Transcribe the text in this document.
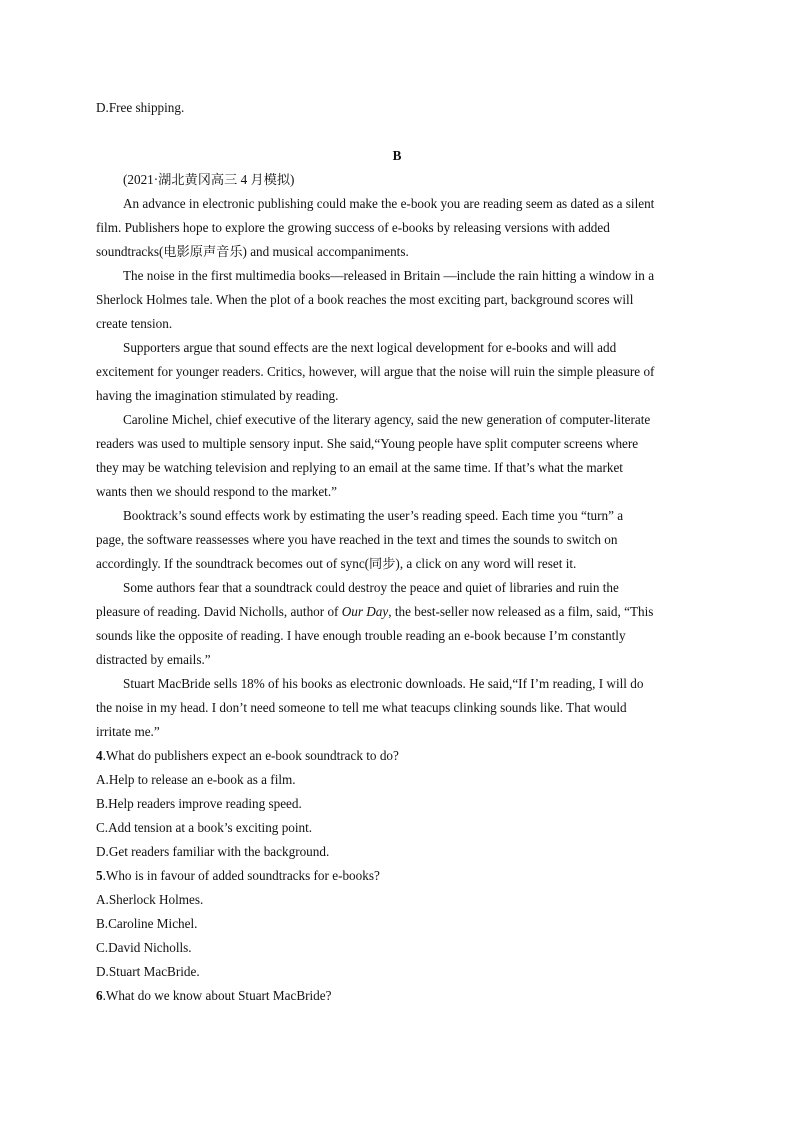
D.Free shipping.
B
(2021·湖北黄冈高三 4 月模拟)
An advance in electronic publishing could make the e-book you are reading seem as dated as a silent
film. Publishers hope to explore the growing success of e-books by releasing versions with added
soundtracks(电影原声音乐) and musical accompaniments.
The noise in the first multimedia books—released in Britain —include the rain hitting a window in a
Sherlock Holmes tale. When the plot of a book reaches the most exciting part, background scores will
create tension.
Supporters argue that sound effects are the next logical development for e-books and will add
excitement for younger readers. Critics, however, will argue that the noise will ruin the simple pleasure of
having the imagination stimulated by reading.
Caroline Michel, chief executive of the literary agency, said the new generation of computer-literate
readers was used to multiple sensory input. She said,“Young people have split computer screens where
they may be watching television and replying to an email at the same time. If that’s what the market
wants then we should respond to the market.”
Booktrack’s sound effects work by estimating the user’s reading speed. Each time you “turn” a
page, the software reassesses where you have reached in the text and times the sounds to switch on
accordingly. If the soundtrack becomes out of sync(同步), a click on any word will reset it.
Some authors fear that a soundtrack could destroy the peace and quiet of libraries and ruin the
pleasure of reading. David Nicholls, author of Our Day, the best-seller now released as a film, said, “This
sounds like the opposite of reading. I have enough trouble reading an e-book because I’m constantly
distracted by emails.”
Stuart MacBride sells 18% of his books as electronic downloads. He said,“If I’m reading, I will do
the noise in my head. I don’t need someone to tell me what teacups clinking sounds like. That would
irritate me.”
4.What do publishers expect an e-book soundtrack to do?
A.Help to release an e-book as a film.
B.Help readers improve reading speed.
C.Add tension at a book’s exciting point.
D.Get readers familiar with the background.
5.Who is in favour of added soundtracks for e-books?
A.Sherlock Holmes.
B.Caroline Michel.
C.David Nicholls.
D.Stuart MacBride.
6.What do we know about Stuart MacBride?
